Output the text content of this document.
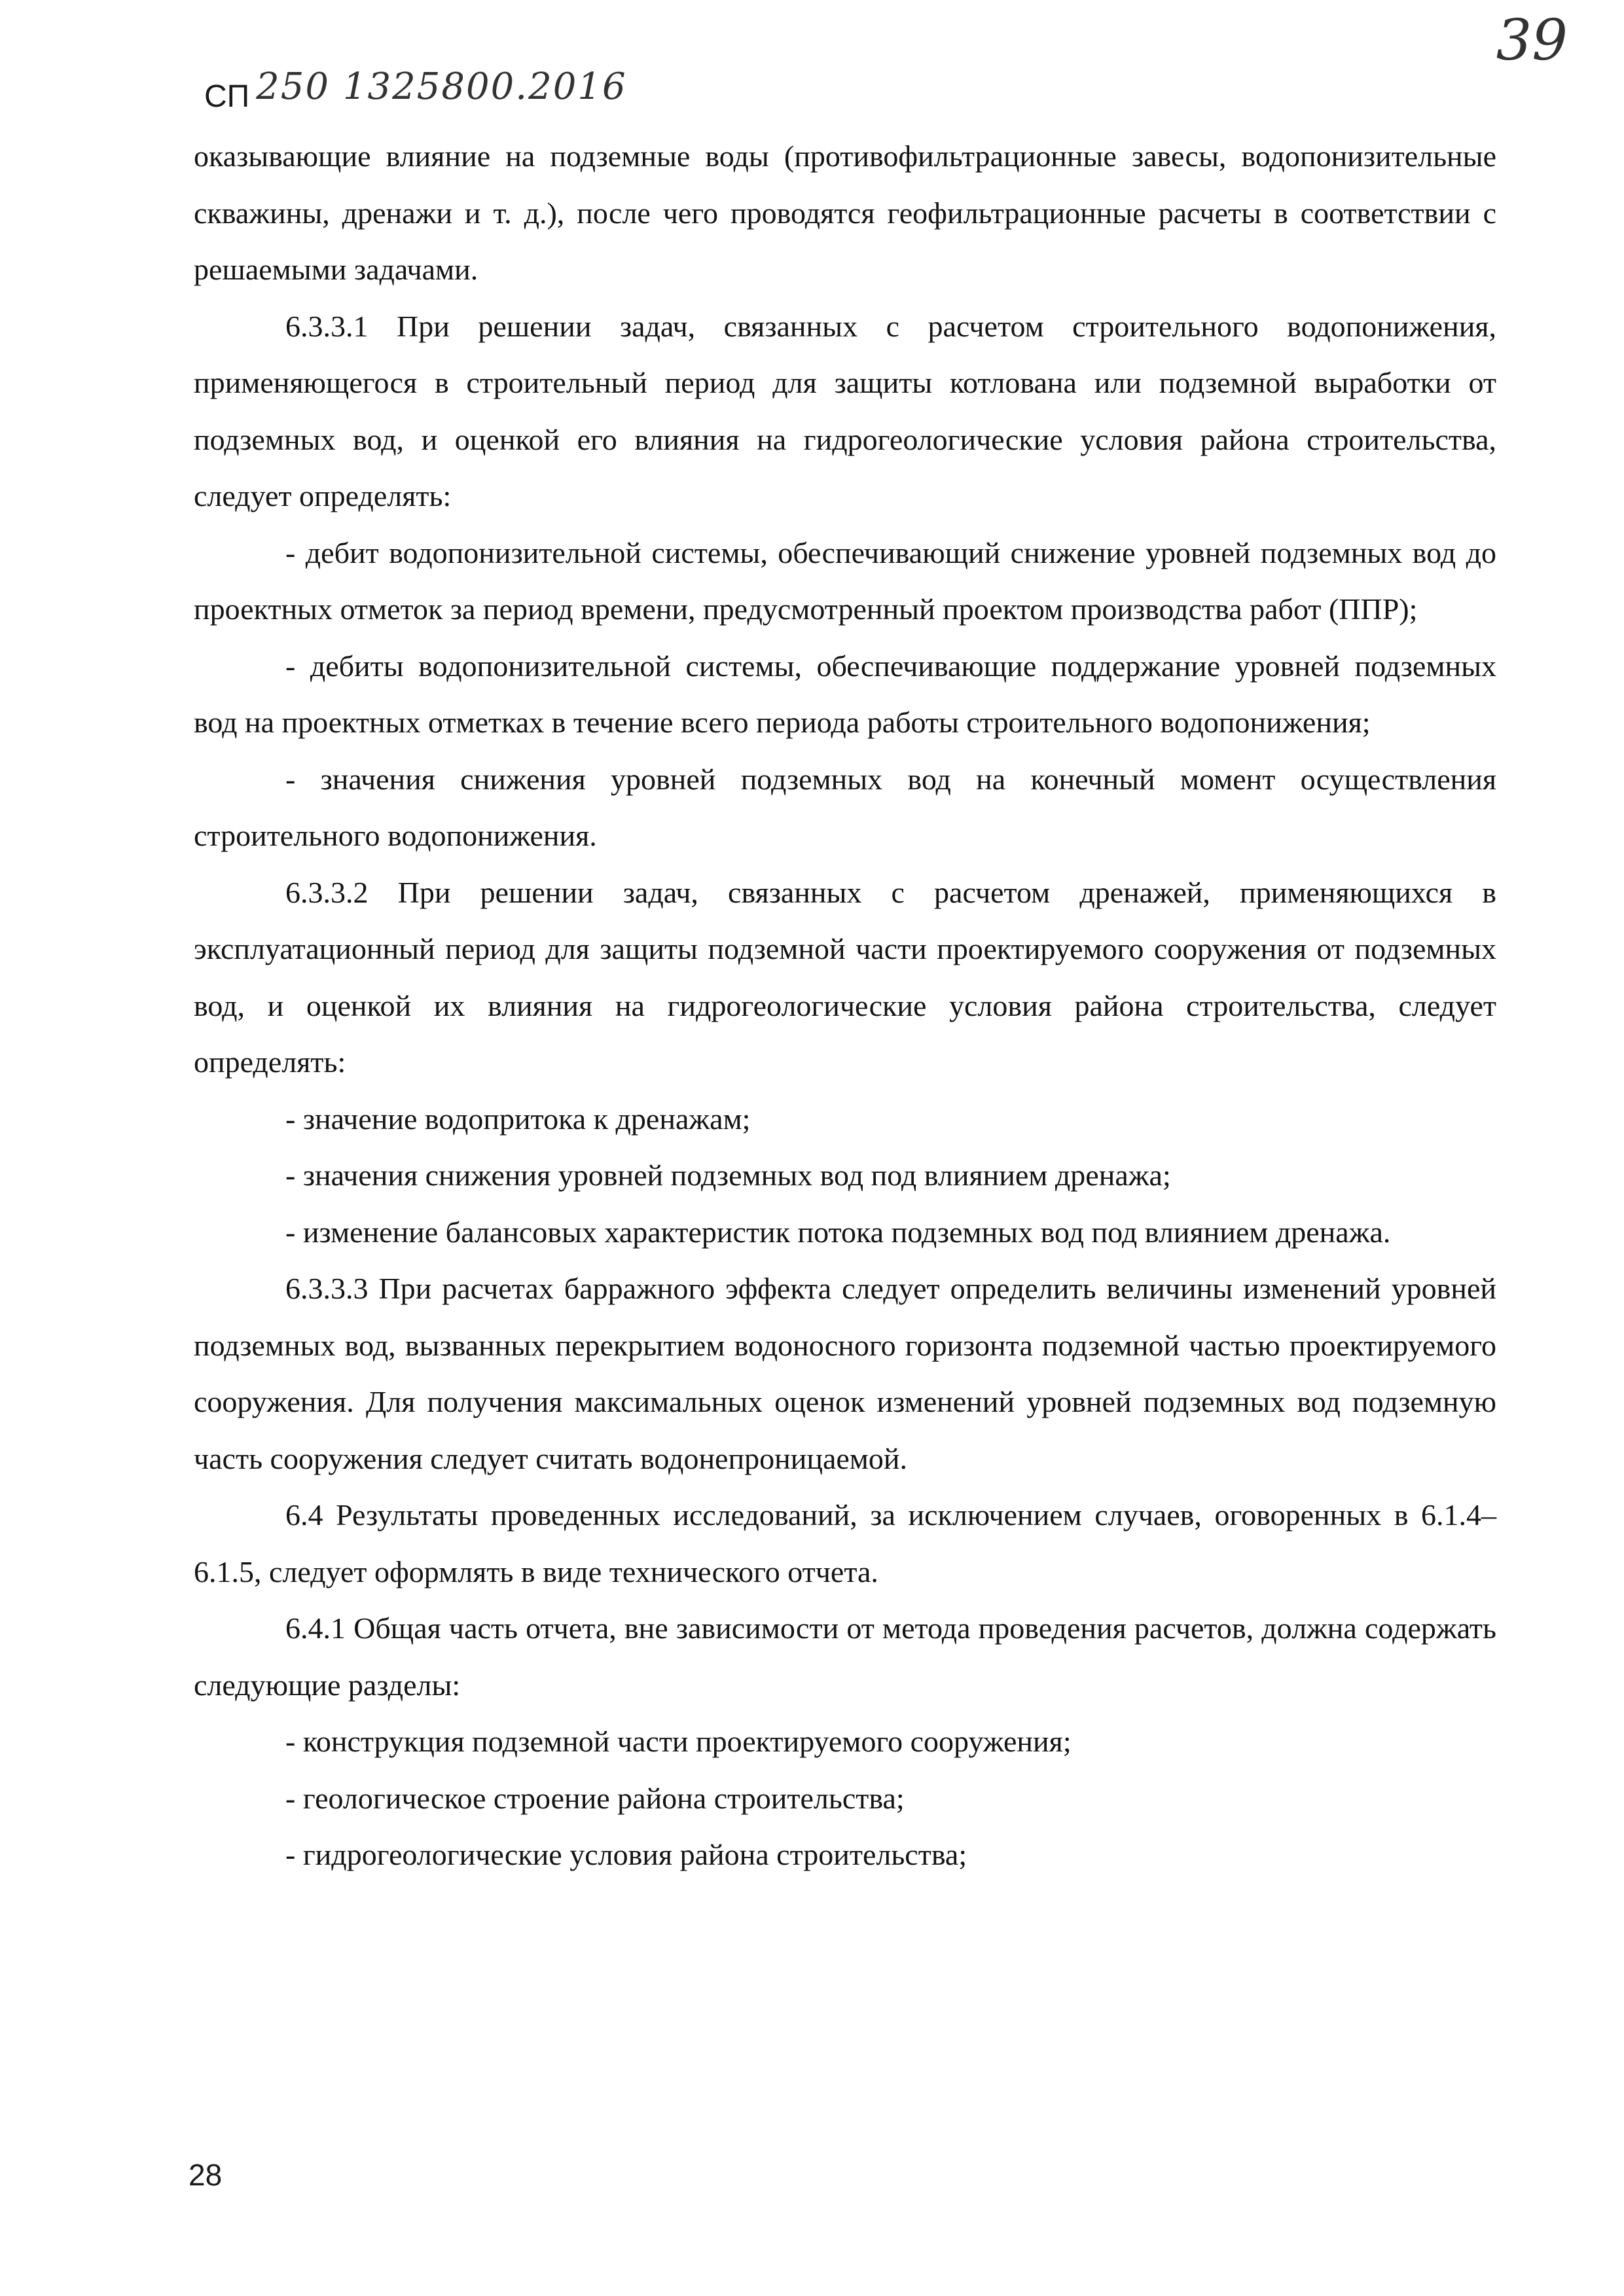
СП 250 1325800.2016
39

оказывающие влияние на подземные воды (противофильтрационные завесы, водопонизительные скважины, дренажи и т. д.), после чего проводятся геофильтрационные расчеты в соответствии с решаемыми задачами.

6.3.3.1 При решении задач, связанных с расчетом строительного водопонижения, применяющегося в строительный период для защиты котлована или подземной выработки от подземных вод, и оценкой его влияния на гидрогеологические условия района строительства, следует определять:

- дебит водопонизительной системы, обеспечивающий снижение уровней подземных вод до проектных отметок за период времени, предусмотренный проектом производства работ (ППР);

- дебиты водопонизительной системы, обеспечивающие поддержание уровней подземных вод на проектных отметках в течение всего периода работы строительного водопонижения;

- значения снижения уровней подземных вод на конечный момент осуществления строительного водопонижения.

6.3.3.2 При решении задач, связанных с расчетом дренажей, применяющихся в эксплуатационный период для защиты подземной части проектируемого сооружения от подземных вод, и оценкой их влияния на гидрогеологические условия района строительства, следует определять:

- значение водопритока к дренажам;

- значения снижения уровней подземных вод под влиянием дренажа;

- изменение балансовых характеристик потока подземных вод под влиянием дренажа.

6.3.3.3 При расчетах барражного эффекта следует определить величины изменений уровней подземных вод, вызванных перекрытием водоносного горизонта подземной частью проектируемого сооружения. Для получения максимальных оценок изменений уровней подземных вод подземную часть сооружения следует считать водонепроницаемой.

6.4 Результаты проведенных исследований, за исключением случаев, оговоренных в 6.1.4–6.1.5, следует оформлять в виде технического отчета.

6.4.1 Общая часть отчета, вне зависимости от метода проведения расчетов, должна содержать следующие разделы:

- конструкция подземной части проектируемого сооружения;

- геологическое строение района строительства;

- гидрогеологические условия района строительства;

28
